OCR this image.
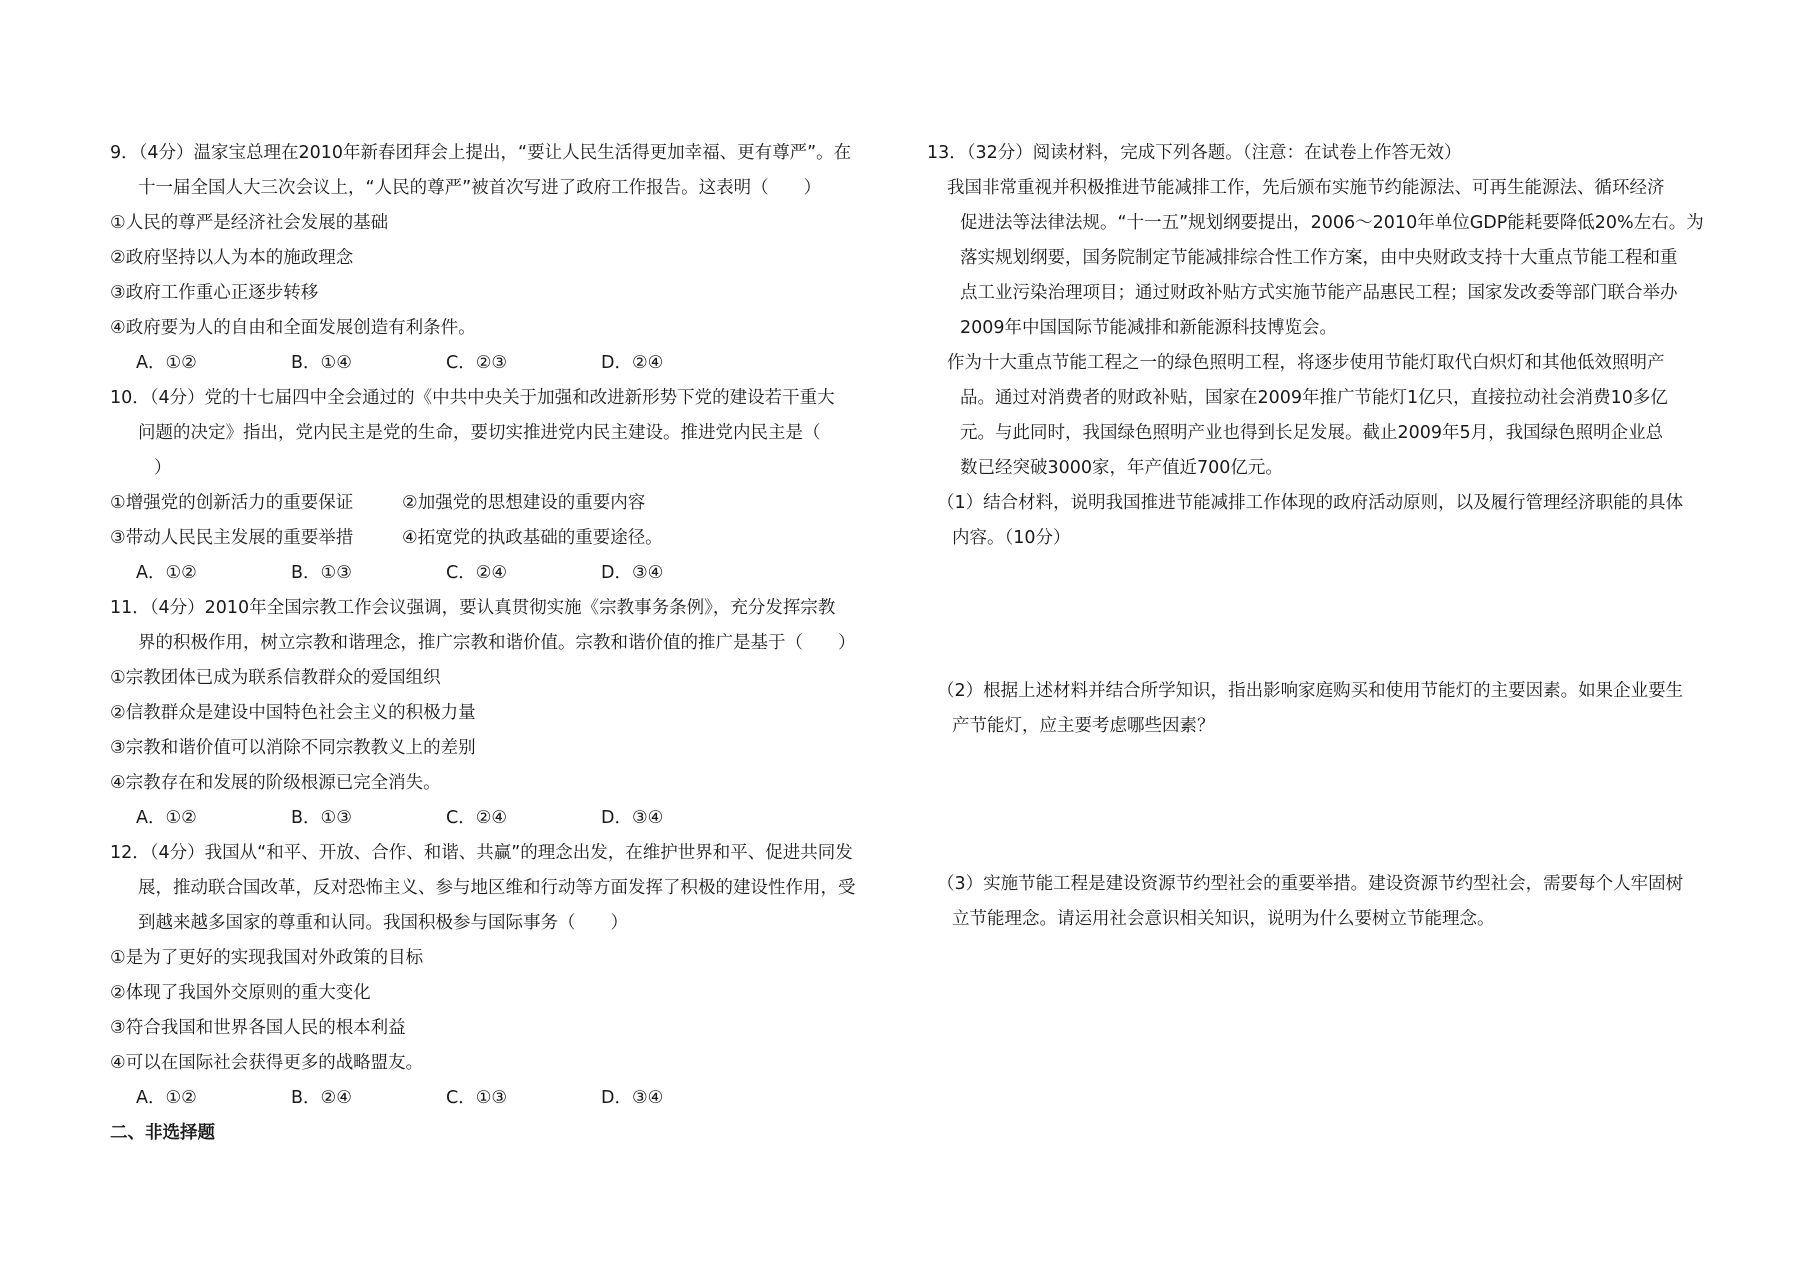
9．（4分）温家宝总理在2010年新春团拜会上提出，“要让人民生活得更加幸福、更有尊严”。在
十一届全国人大三次会议上，“人民的尊严”被首次写进了政府工作报告。这表明（　　）
①人民的尊严是经济社会发展的基础
②政府坚持以人为本的施政理念
③政府工作重心正逐步转移
④政府要为人的自由和全面发展创造有利条件。
A．①②	B．①④	C．②③	D．②④
10．（4分）党的十七届四中全会通过的《中共中央关于加强和改进新形势下党的建设若干重大
问题的决定》指出，党内民主是党的生命，要切实推进党内民主建设。推进党内民主是（
）
①增强党的创新活力的重要保证	②加强党的思想建设的重要内容
③带动人民民主发展的重要举措	④拓宽党的执政基础的重要途径。
A．①②	B．①③	C．②④	D．③④
11．（4分）2010年全国宗教工作会议强调，要认真贯彻实施《宗教事务条例》，充分发挥宗教
界的积极作用，树立宗教和谐理念，推广宗教和谐价值。宗教和谐价值的推广是基于（　　）
①宗教团体已成为联系信教群众的爱国组织
②信教群众是建设中国特色社会主义的积极力量
③宗教和谐价值可以消除不同宗教教义上的差别
④宗教存在和发展的阶级根源已完全消失。
A．①②	B．①③	C．②④	D．③④
12．（4分）我国从“和平、开放、合作、和谐、共赢”的理念出发，在维护世界和平、促进共同发
展，推动联合国改革，反对恐怖主义、参与地区维和行动等方面发挥了积极的建设性作用，受
到越来越多国家的尊重和认同。我国积极参与国际事务（　　）
①是为了更好的实现我国对外政策的目标
②体现了我国外交原则的重大变化
③符合我国和世界各国人民的根本利益
④可以在国际社会获得更多的战略盟友。
A．①②	B．②④	C．①③	D．③④
二、非选择题
13．（32分）阅读材料，完成下列各题。（注意：在试卷上作答无效）
我国非常重视并积极推进节能减排工作，先后颁布实施节约能源法、可再生能源法、循环经济
促进法等法律法规。“十一五”规划纲要提出，2006～2010年单位GDP能耗要降低20%左右。为
落实规划纲要，国务院制定节能减排综合性工作方案，由中央财政支持十大重点节能工程和重
点工业污染治理项目；通过财政补贴方式实施节能产品惠民工程；国家发改委等部门联合举办
2009年中国国际节能减排和新能源科技博览会。
作为十大重点节能工程之一的绿色照明工程，将逐步使用节能灯取代白炽灯和其他低效照明产
品。通过对消费者的财政补贴，国家在2009年推广节能灯1亿只，直接拉动社会消费10多亿
元。与此同时，我国绿色照明产业也得到长足发展。截止2009年5月，我国绿色照明企业总
数已经突破3000家，年产值近700亿元。
（1）结合材料，说明我国推进节能减排工作体现的政府活动原则，以及履行管理经济职能的具体
内容。（10分）
（2）根据上述材料并结合所学知识，指出影响家庭购买和使用节能灯的主要因素。如果企业要生
产节能灯，应主要考虑哪些因素？
（3）实施节能工程是建设资源节约型社会的重要举措。建设资源节约型社会，需要每个人牢固树
立节能理念。请运用社会意识相关知识，说明为什么要树立节能理念。
